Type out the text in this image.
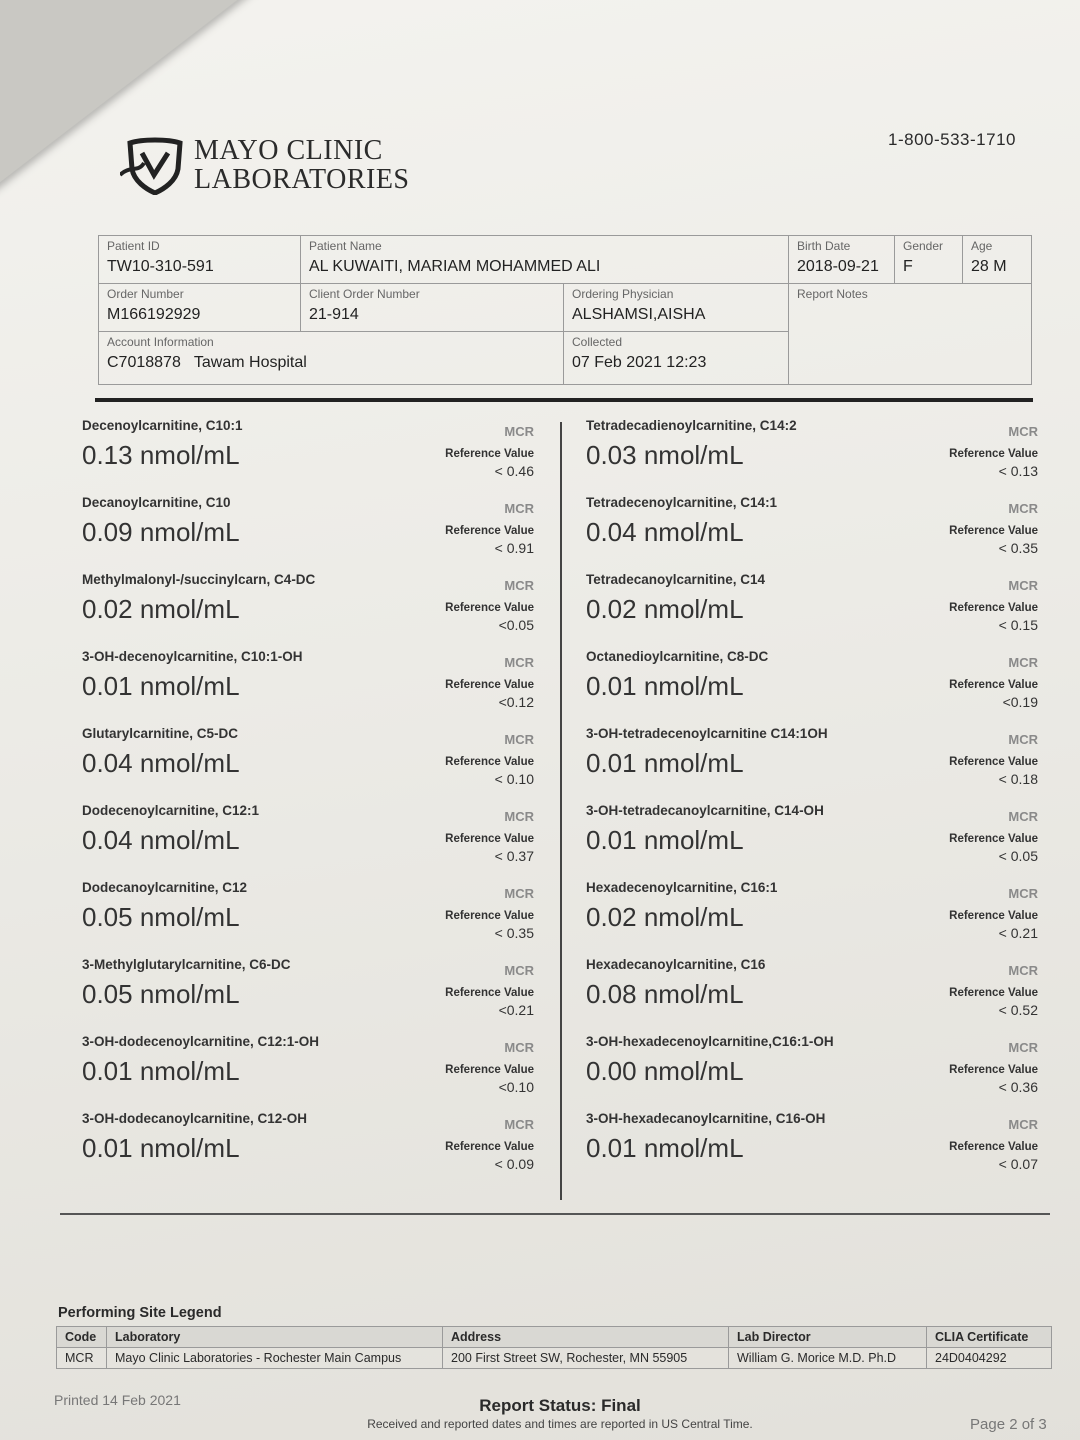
MAYO CLINIC
LABORATORIES
1-800-533-1710
Patient ID
TW10-310-591
Patient Name
AL KUWAITI, MARIAM MOHAMMED ALI
Birth Date
2018-09-21
Gender
F
Age
28 M
Order Number
M166192929
Client Order Number
21-914
Ordering Physician
ALSHAMSI,AISHA
Report Notes
Account Information
C7018878   Tawam Hospital
Collected
07 Feb 2021 12:23
Decenoylcarnitine, C10:1
0.13 nmol/mL
MCR
Reference Value
< 0.46
Decanoylcarnitine, C10
0.09 nmol/mL
MCR
Reference Value
< 0.91
Methylmalonyl-/succinylcarn, C4-DC
0.02 nmol/mL
MCR
Reference Value
<0.05
3-OH-decenoylcarnitine, C10:1-OH
0.01 nmol/mL
MCR
Reference Value
<0.12
Glutarylcarnitine, C5-DC
0.04 nmol/mL
MCR
Reference Value
< 0.10
Dodecenoylcarnitine, C12:1
0.04 nmol/mL
MCR
Reference Value
< 0.37
Dodecanoylcarnitine, C12
0.05 nmol/mL
MCR
Reference Value
< 0.35
3-Methylglutarylcarnitine, C6-DC
0.05 nmol/mL
MCR
Reference Value
<0.21
3-OH-dodecenoylcarnitine, C12:1-OH
0.01 nmol/mL
MCR
Reference Value
<0.10
3-OH-dodecanoylcarnitine, C12-OH
0.01 nmol/mL
MCR
Reference Value
< 0.09
Tetradecadienoylcarnitine, C14:2
0.03 nmol/mL
MCR
Reference Value
< 0.13
Tetradecenoylcarnitine, C14:1
0.04 nmol/mL
MCR
Reference Value
< 0.35
Tetradecanoylcarnitine, C14
0.02 nmol/mL
MCR
Reference Value
< 0.15
Octanedioylcarnitine, C8-DC
0.01 nmol/mL
MCR
Reference Value
<0.19
3-OH-tetradecenoylcarnitine C14:1OH
0.01 nmol/mL
MCR
Reference Value
< 0.18
3-OH-tetradecanoylcarnitine, C14-OH
0.01 nmol/mL
MCR
Reference Value
< 0.05
Hexadecenoylcarnitine, C16:1
0.02 nmol/mL
MCR
Reference Value
< 0.21
Hexadecanoylcarnitine, C16
0.08 nmol/mL
MCR
Reference Value
< 0.52
3-OH-hexadecenoylcarnitine,C16:1-OH
0.00 nmol/mL
MCR
Reference Value
< 0.36
3-OH-hexadecanoylcarnitine, C16-OH
0.01 nmol/mL
MCR
Reference Value
< 0.07
Performing Site Legend
Code	Laboratory	Address	Lab Director	CLIA Certificate
MCR	Mayo Clinic Laboratories - Rochester Main Campus	200 First Street SW, Rochester, MN 55905	William G. Morice M.D. Ph.D	24D0404292
Printed 14 Feb 2021	Report Status: Final
Received and reported dates and times are reported in US Central Time.	Page 2 of 3
